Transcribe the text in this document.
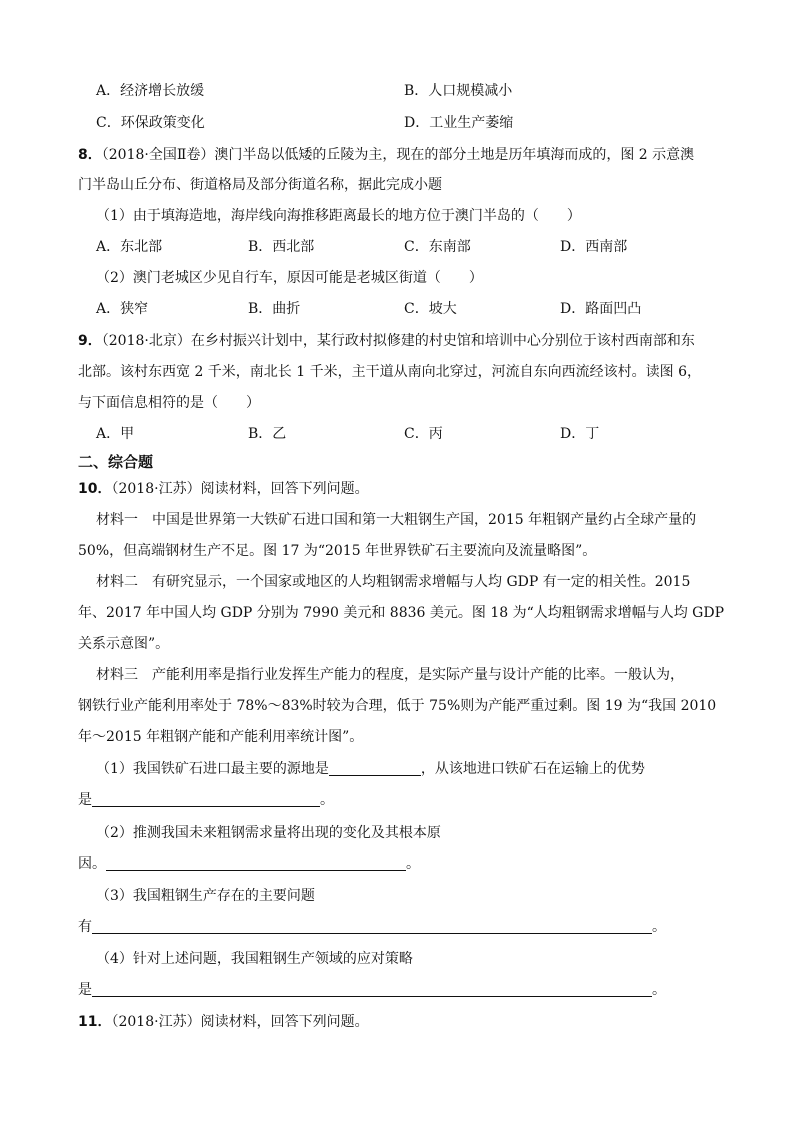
A．经济增长放缓	B．人口规模减小
C．环保政策变化	D．工业生产萎缩
8．（2018·全国Ⅱ卷）澳门半岛以低矮的丘陵为主，现在的部分土地是历年填海而成的，图 2 示意澳
门半岛山丘分布、街道格局及部分街道名称，据此完成小题
（1）由于填海造地，海岸线向海推移距离最长的地方位于澳门半岛的（　　）
A．东北部	B．西北部	C．东南部	D．西南部
（2）澳门老城区少见自行车，原因可能是老城区街道（　　）
A．狭窄	B．曲折	C．坡大	D．路面凹凸
9．（2018·北京）在乡村振兴计划中，某行政村拟修建的村史馆和培训中心分别位于该村西南部和东
北部。该村东西宽 2 千米，南北长 1 千米，主干道从南向北穿过，河流自东向西流经该村。读图 6，
与下面信息相符的是（　　）
A．甲	B．乙	C．丙	D．丁
二、综合题
10．（2018·江苏）阅读材料，回答下列问题。
材料一　中国是世界第一大铁矿石进口国和第一大粗钢生产国，2015 年粗钢产量约占全球产量的
50%，但高端钢材生产不足。图 17 为“2015 年世界铁矿石主要流向及流量略图”。
材料二　有研究显示，一个国家或地区的人均粗钢需求增幅与人均 GDP 有一定的相关性。2015
年、2017 年中国人均 GDP 分别为 7990 美元和 8836 美元。图 18 为“人均粗钢需求增幅与人均 GDP
关系示意图”。
材料三　产能利用率是指行业发挥生产能力的程度，是实际产量与设计产能的比率。一般认为，
钢铁行业产能利用率处于 78%～83%时较为合理，低于 75%则为产能严重过剩。图 19 为“我国 2010
年～2015 年粗钢产能和产能利用率统计图”。
（1）我国铁矿石进口最主要的源地是	，从该地进口铁矿石在运输上的优势
是	。
（2）推测我国未来粗钢需求量将出现的变化及其根本原
因。	。
（3）我国粗钢生产存在的主要问题
有	。
（4）针对上述问题，我国粗钢生产领域的应对策略
是	。
11．（2018·江苏）阅读材料，回答下列问题。
